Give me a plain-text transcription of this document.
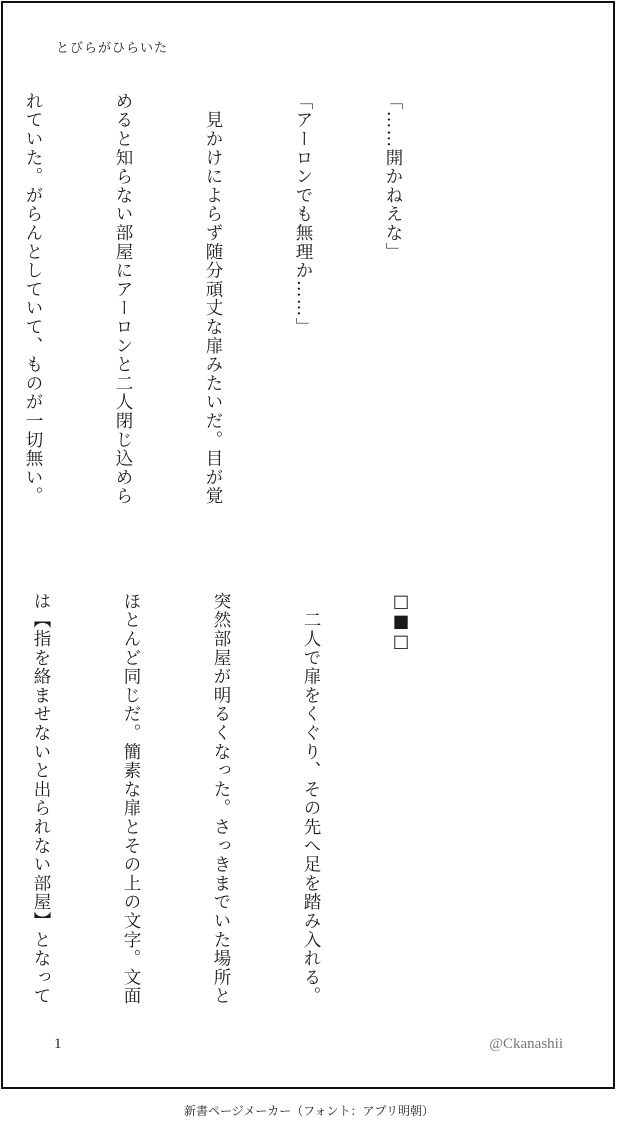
とびらがひらいた

「……開かねえな」

「アーロンでも無理か……」

　見かけによらず随分頑丈な扉みたいだ。目が覚

めると知らない部屋にアーロンと二人閉じ込めら

れていた。がらんとしていて、ものが一切無い。

□■□

　二人で扉をくぐり、その先へ足を踏み入れる。

突然部屋が明るくなった。さっきまでいた場所と

ほとんど同じだ。簡素な扉とその上の文字。文面

は【指を絡ませないと出られない部屋】となって

1	@Ckanashii
新書ページメーカー（フォント：アプリ明朝）
